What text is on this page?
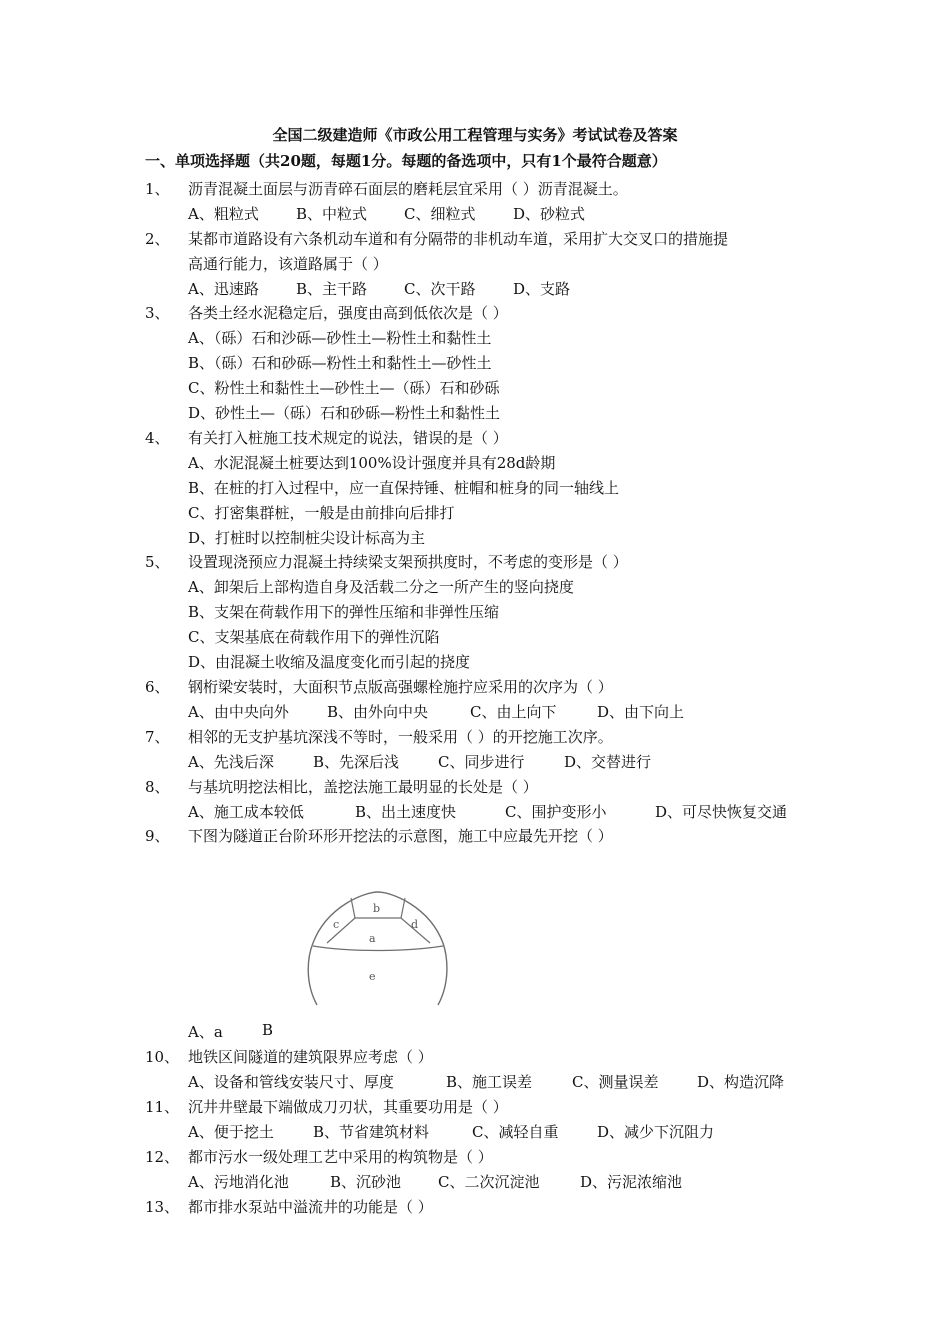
全国二级建造师《市政公用工程管理与实务》考试试卷及答案
一、单项选择题（共20题，每题1分。每题的备选项中，只有1个最符合题意）
1、 沥青混凝土面层与沥青碎石面层的磨耗层宜采用（ ）沥青混凝土。
A、粗粒式 B、中粒式 C、细粒式	D、砂粒式
2、 某都市道路设有六条机动车道和有分隔带的非机动车道，采用扩大交叉口的措施提
高通行能力，该道路属于（ ）
A、迅速路 B、主干路 C、次干路	D、支路
3、 各类土经水泥稳定后，强度由高到低依次是（ ）
A、（砾）石和沙砾—砂性土—粉性土和黏性土
B、（砾）石和砂砾—粉性土和黏性土—砂性土
C、粉性土和黏性土—砂性土—（砾）石和砂砾
D、砂性土—（砾）石和砂砾—粉性土和黏性土
4、 有关打入桩施工技术规定的说法，错误的是（ ）
A、水泥混凝土桩要达到100%设计强度并具有28d龄期
B、在桩的打入过程中，应一直保持锤、桩帽和桩身的同一轴线上
C、打密集群桩，一般是由前排向后排打
D、打桩时以控制桩尖设计标高为主
5、 设置现浇预应力混凝土持续梁支架预拱度时，不考虑的变形是（ ）
A、卸架后上部构造自身及活载二分之一所产生的竖向挠度
B、支架在荷载作用下的弹性压缩和非弹性压缩
C、支架基底在荷载作用下的弹性沉陷
D、由混凝土收缩及温度变化而引起的挠度
6、 钢桁梁安装时，大面积节点版高强螺栓施拧应采用的次序为（ ）
A、由中央向外	B、由外向中央	C、由上向下	D、由下向上
7、 相邻的无支护基坑深浅不等时，一般采用（ ）的开挖施工次序。
A、先浅后深	B、先深后浅	C、同步进行	D、交替进行
8、 与基坑明挖法相比，盖挖法施工最明显的长处是（ ）
A、施工成本较低	B、出土速度快	C、围护变形小	D、可尽快恢复交通
9、 下图为隧道正台阶环形开挖法的示意图，施工中应最先开挖（ ）
b
c	d
a
e
A、a	B
10、 地铁区间隧道的建筑限界应考虑（ ）
A、设备和管线安装尺寸、厚度	B、施工误差	C、测量误差	D、构造沉降
11、 沉井井壁最下端做成刀刃状，其重要功用是（ ）
A、便于挖土	B、节省建筑材料	C、减轻自重	D、减少下沉阻力
12、 都市污水一级处理工艺中采用的构筑物是（ ）
A、污地消化池	B、沉砂池 C、二次沉淀池	D、污泥浓缩池
13、 都市排水泵站中溢流井的功能是（ ）
